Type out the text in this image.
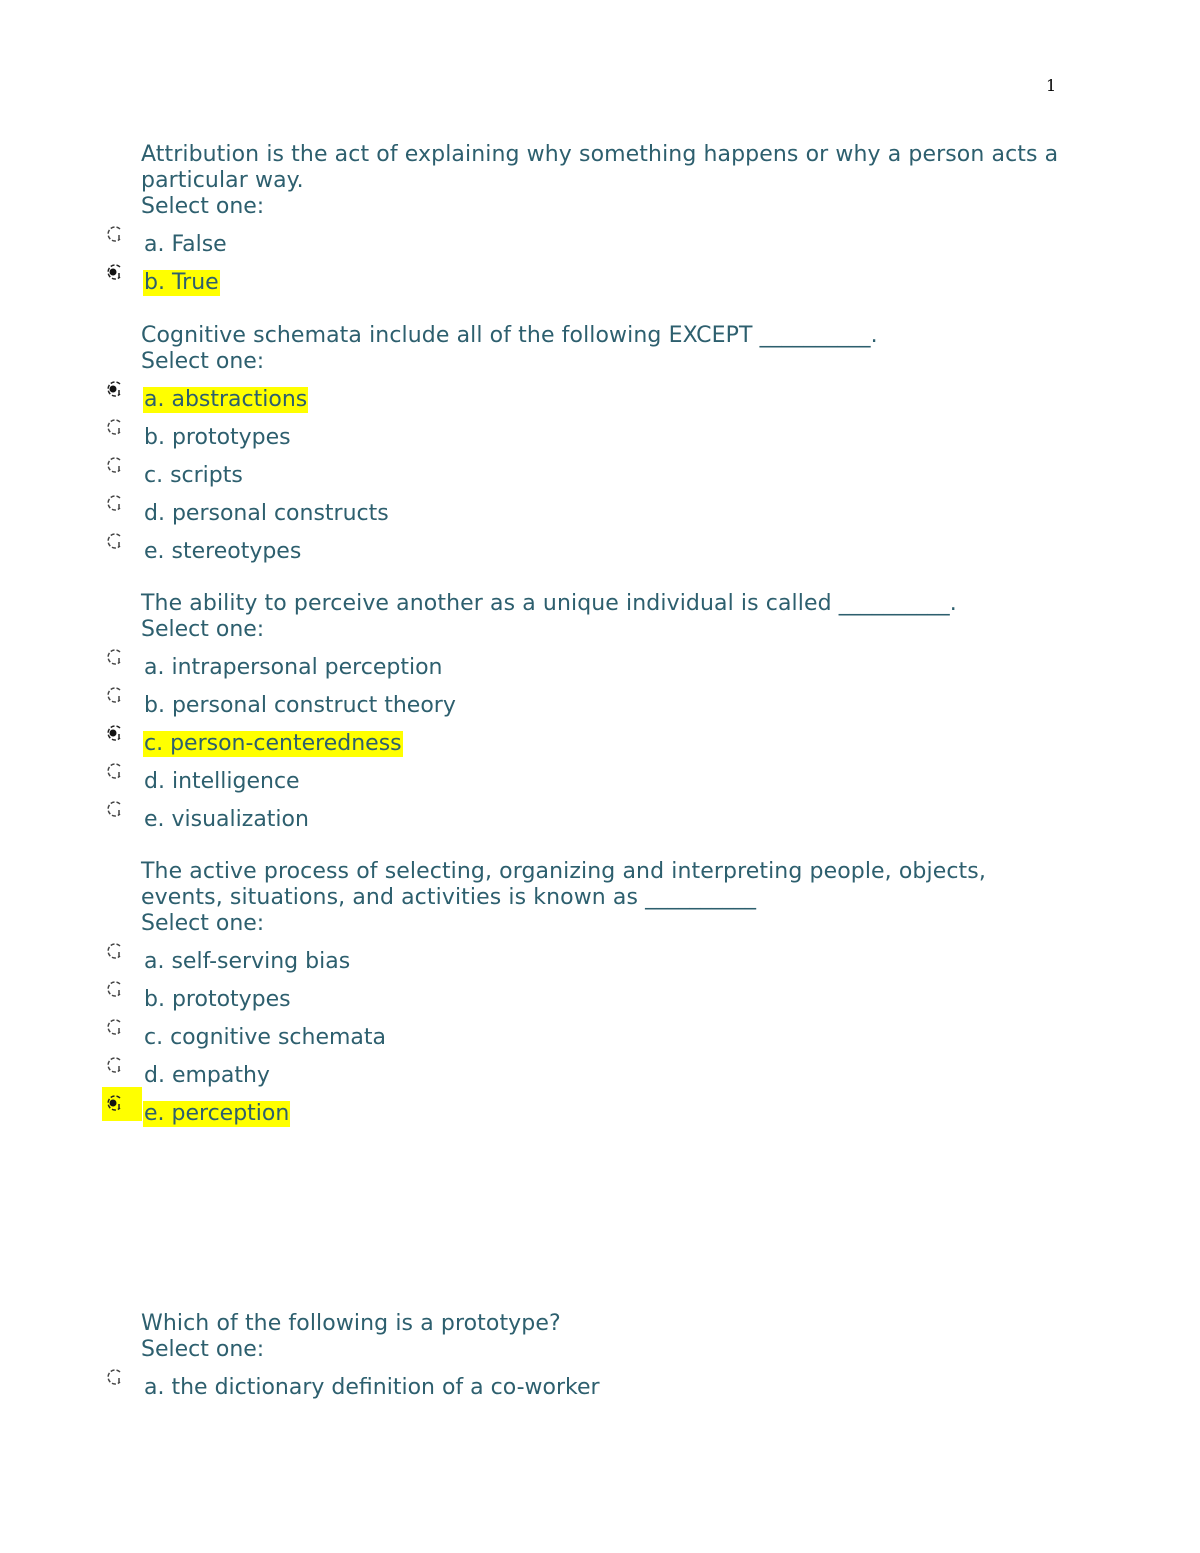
1
Attribution is the act of explaining why something happens or why a person acts a particular way.
Select one:
a. False
b. True
Cognitive schemata include all of the following EXCEPT __________.
Select one:
a. abstractions
b. prototypes
c. scripts
d. personal constructs
e. stereotypes
The ability to perceive another as a unique individual is called __________.
Select one:
a. intrapersonal perception
b. personal construct theory
c. person-centeredness
d. intelligence
e. visualization
The active process of selecting, organizing and interpreting people, objects, events, situations, and activities is known as __________
Select one:
a. self-serving bias
b. prototypes
c. cognitive schemata
d. empathy
e. perception
Which of the following is a prototype?
Select one:
a. the dictionary definition of a co-worker
